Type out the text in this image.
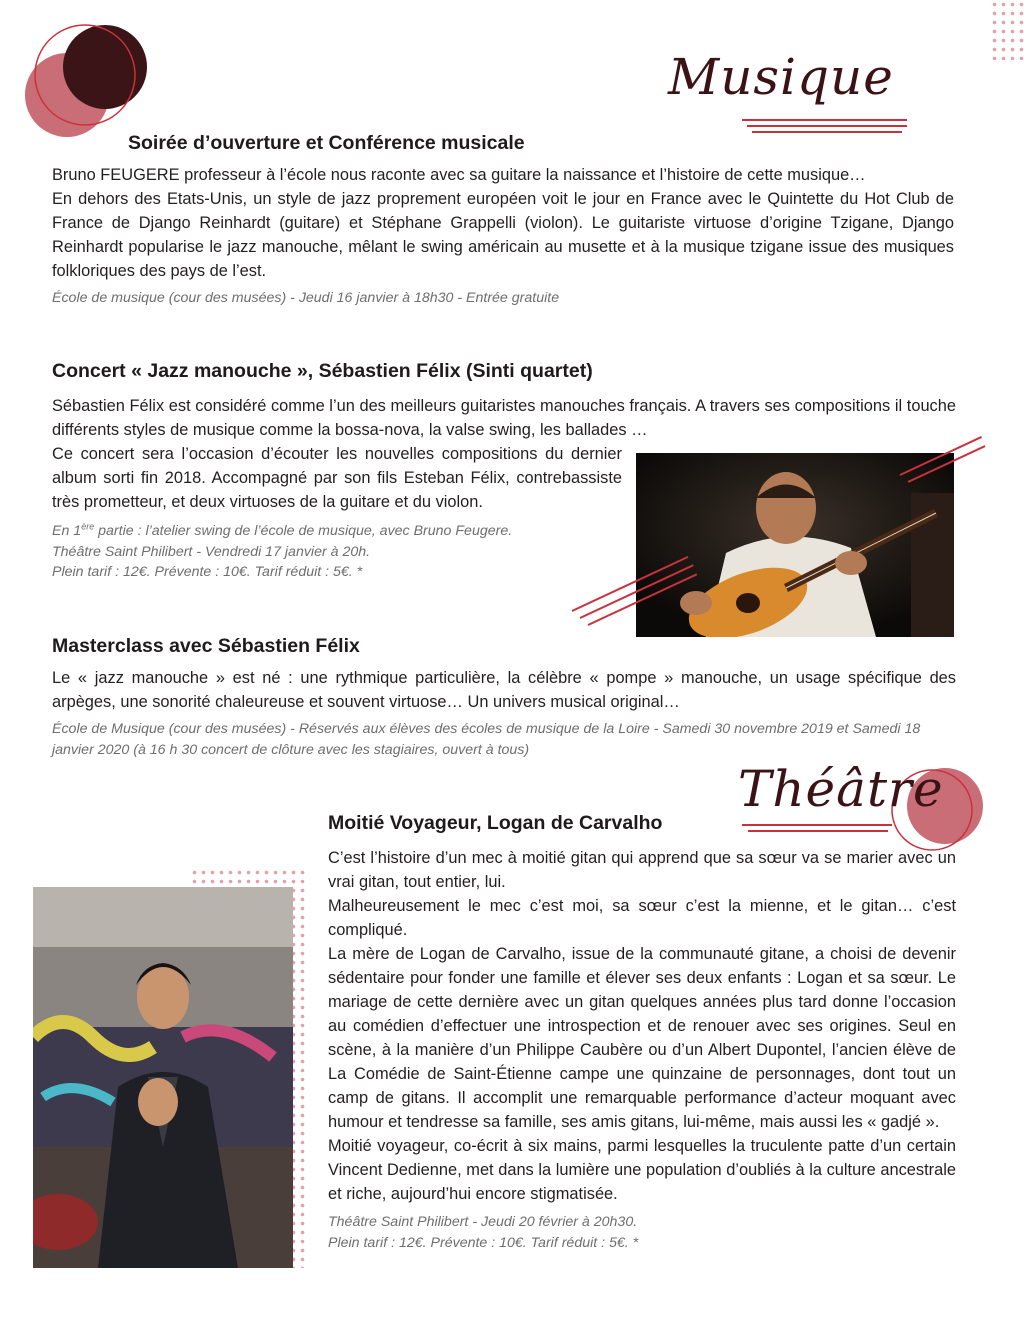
Musique
Soirée d’ouverture et Conférence musicale

Bruno FEUGERE professeur à l’école nous raconte avec sa guitare la naissance et l’histoire de cette musique…

En dehors des Etats-Unis, un style de jazz proprement européen voit le jour en France avec le Quintette du Hot Club de France de Django Reinhardt (guitare) et Stéphane Grappelli (violon). Le guitariste virtuose d’origine Tzigane, Django Reinhardt popularise le jazz manouche, mêlant le swing américain au musette et à la musique tzigane issue des musiques folkloriques des pays de l’est.

École de musique (cour des musées) - Jeudi 16 janvier à 18h30 - Entrée gratuite

Concert « Jazz manouche », Sébastien Félix (Sinti quartet)

Sébastien Félix est considéré comme l’un des meilleurs guitaristes manouches français. A travers ses compositions il touche différents styles de musique comme la bossa-nova, la valse swing, les ballades …

Ce concert sera l’occasion d’écouter les nouvelles compositions du dernier album sorti fin 2018. Accompagné par son fils Esteban Félix, contrebassiste très prometteur, et deux virtuoses de la guitare et du violon.

En 1ère partie : l’atelier swing de l’école de musique, avec Bruno Feugere.

Théâtre Saint Philibert - Vendredi 17 janvier à 20h.

Plein tarif : 12€. Prévente : 10€. Tarif réduit : 5€. *

Masterclass avec Sébastien Félix

Le « jazz manouche » est né : une rythmique particulière, la célèbre « pompe » manouche, un usage spécifique des arpèges, une sonorité chaleureuse et souvent virtuose… Un univers musical original…

École de Musique (cour des musées) - Réservés aux élèves des écoles de musique de la Loire - Samedi 30 novembre 2019 et Samedi 18 janvier 2020 (à 16 h 30 concert de clôture avec les stagiaires, ouvert à tous)

Théâtre
Moitié Voyageur, Logan de Carvalho

C’est l’histoire d’un mec à moitié gitan qui apprend que sa sœur va se marier avec un vrai gitan, tout entier, lui.

Malheureusement le mec c’est moi, sa sœur c’est la mienne, et le gitan… c’est compliqué.

La mère de Logan de Carvalho, issue de la communauté gitane, a choisi de devenir sédentaire pour fonder une famille et élever ses deux enfants : Logan et sa sœur. Le mariage de cette dernière avec un gitan quelques années plus tard donne l’occasion au comédien d’effectuer une introspection et de renouer avec ses origines. Seul en scène, à la manière d’un Philippe Caubère ou d’un Albert Dupontel, l’ancien élève de La Comédie de Saint-Étienne campe une quinzaine de personnages, dont tout un camp de gitans. Il accomplit une remarquable performance d’acteur moquant avec humour et tendresse sa famille, ses amis gitans, lui-même, mais aussi les « gadjé ».

Moitié voyageur, co-écrit à six mains, parmi lesquelles la truculente patte d’un certain Vincent Dedienne, met dans la lumière une population d’oubliés à la culture ancestrale et riche, aujourd’hui encore stigmatisée.

Théâtre Saint Philibert - Jeudi 20 février à 20h30.

Plein tarif : 12€. Prévente : 10€. Tarif réduit : 5€. *
